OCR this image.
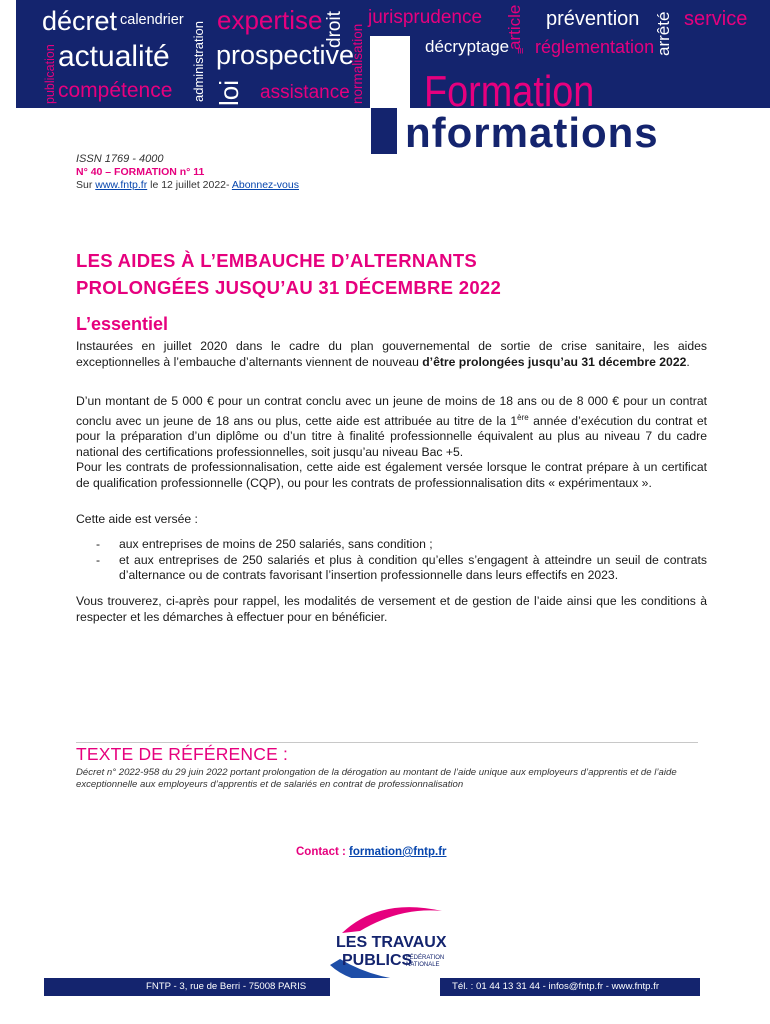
décret calendrier expertise droit jurisprudence article prévention arrêté service
publication actualité administration prospective
normalisation	décryptage ≡ réglementation
compétence loi assistance Formation
nformations
ISSN 1769 - 4000
N° 40 – FORMATION n° 11
Sur www.fntp.fr le 12 juillet 2022- Abonnez-vous
LES AIDES À L’EMBAUCHE D’ALTERNANTS
PROLONGÉES JUSQU’AU 31 DÉCEMBRE 2022
L’essentiel

Instaurées en juillet 2020 dans le cadre du plan gouvernemental de sortie de crise sanitaire, les aides exceptionnelles à l’embauche d’alternants viennent de nouveau d’être prolongées jusqu’au 31 décembre 2022.

D’un montant de 5 000 € pour un contrat conclu avec un jeune de moins de 18 ans ou de 8 000 € pour un contrat conclu avec un jeune de 18 ans ou plus, cette aide est attribuée au titre de la 1ère année d’exécution du contrat et pour la préparation d’un diplôme ou d’un titre à finalité professionnelle équivalent au plus au niveau 7 du cadre national des certifications professionnelles, soit jusqu’au niveau Bac +5.
Pour les contrats de professionnalisation, cette aide est également versée lorsque le contrat prépare à un certificat de qualification professionnelle (CQP), ou pour les contrats de professionnalisation dits « expérimentaux ».
Cette aide est versée :
-	aux entreprises de moins de 250 salariés, sans condition ;
-	et aux entreprises de 250 salariés et plus à condition qu’elles s’engagent à atteindre un seuil de contrats d’alternance ou de contrats favorisant l’insertion professionnelle dans leurs effectifs en 2023.
Vous trouverez, ci-après pour rappel, les modalités de versement et de gestion de l’aide ainsi que les conditions à respecter et les démarches à effectuer pour en bénéficier.
TEXTE DE RÉFÉRENCE :
Décret n° 2022-958 du 29 juin 2022 portant prolongation de la dérogation au montant de l’aide unique aux employeurs d’apprentis et de l’aide exceptionnelle aux employeurs d’apprentis et de salariés en contrat de professionnalisation
Contact : formation@fntp.fr
LES TRAVAUX
PUBLICS
FÉDÉRATION
NATIONALE
FNTP - 3, rue de Berri - 75008 PARIS	Tél. : 01 44 13 31 44 - infos@fntp.fr - www.fntp.fr
